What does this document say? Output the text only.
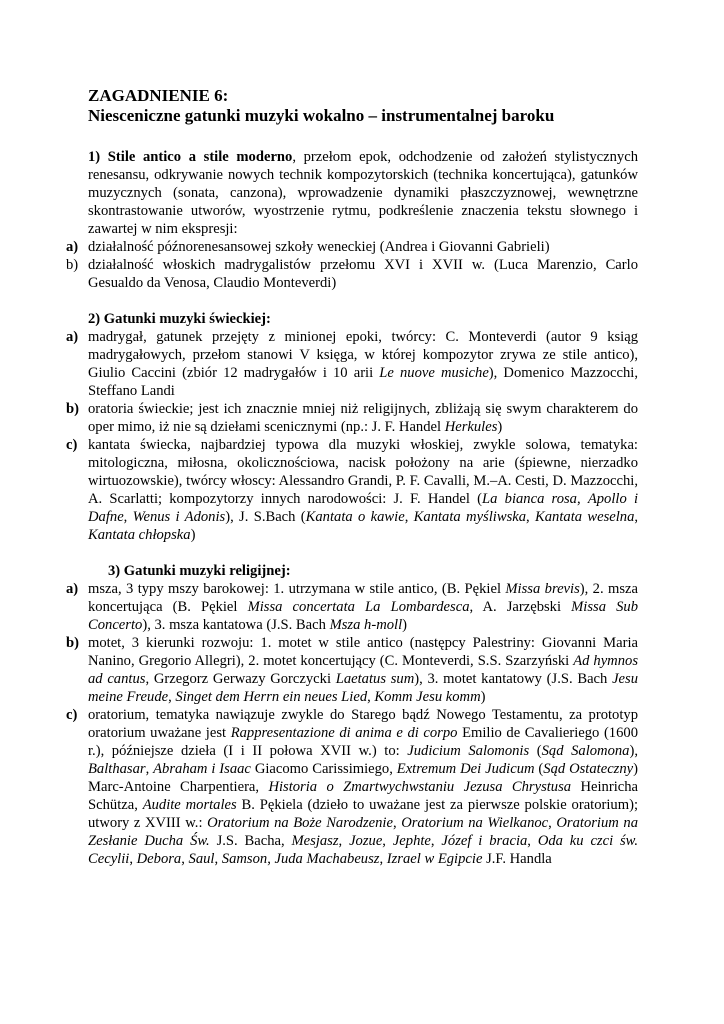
ZAGADNIENIE 6:
Niesceniczne gatunki muzyki wokalno – instrumentalnej baroku

1) Stile antico a stile moderno, przełom epok, odchodzenie od założeń stylistycznych renesansu, odkrywanie nowych technik kompozytorskich (technika koncertująca), gatunków muzycznych (sonata, canzona), wprowadzenie dynamiki płaszczyznowej, wewnętrzne skontrastowanie utworów, wyostrzenie rytmu, podkreślenie znaczenia tekstu słownego i zawartej w nim ekspresji:

a) działalność późnorenesansowej szkoły weneckiej (Andrea i Giovanni Gabrieli)
b) działalność włoskich madrygalistów przełomu XVI i XVII w. (Luca Marenzio, Carlo Gesualdo da Venosa, Claudio Monteverdi)
2) Gatunki muzyki świeckiej:
a) madrygał, gatunek przejęty z minionej epoki, twórcy: C. Monteverdi (autor 9 ksiąg madrygałowych, przełom stanowi V księga, w której kompozytor zrywa ze stile antico), Giulio Caccini (zbiór 12 madrygałów i 10 arii Le nuove musiche), Domenico Mazzocchi, Steffano Landi
b) oratoria świeckie; jest ich znacznie mniej niż religijnych, zbliżają się swym charakterem do oper mimo, iż nie są dziełami scenicznymi (np.: J. F. Handel Herkules)
c) kantata świecka, najbardziej typowa dla muzyki włoskiej, zwykle solowa, tematyka: mitologiczna, miłosna, okolicznościowa, nacisk położony na arie (śpiewne, nierzadko wirtuozowskie), twórcy włoscy: Alessandro Grandi, P. F. Cavalli, M.–A. Cesti, D. Mazzocchi, A. Scarlatti; kompozytorzy innych narodowości: J. F. Handel (La bianca rosa, Apollo i Dafne, Wenus i Adonis), J. S.Bach (Kantata o kawie, Kantata myśliwska, Kantata weselna, Kantata chłopska)
3) Gatunki muzyki religijnej:
a) msza, 3 typy mszy barokowej: 1. utrzymana w stile antico, (B. Pękiel Missa brevis), 2. msza koncertująca (B. Pękiel Missa concertata La Lombardesca, A. Jarzębski Missa Sub Concerto), 3. msza kantatowa (J.S. Bach Msza h-moll)
b) motet, 3 kierunki rozwoju: 1. motet w stile antico (następcy Palestriny: Giovanni Maria Nanino, Gregorio Allegri), 2. motet koncertujący (C. Monteverdi, S.S. Szarzyński Ad hymnos ad cantus, Grzegorz Gerwazy Gorczycki Laetatus sum), 3. motet kantatowy (J.S. Bach Jesu meine Freude, Singet dem Herrn ein neues Lied, Komm Jesu komm)
c) oratorium, tematyka nawiązuje zwykle do Starego bądź Nowego Testamentu, za prototyp oratorium uważane jest Rappresentazione di anima e di corpo Emilio de Cavalieriego (1600 r.), późniejsze dzieła (I i II połowa XVII w.) to: Judicium Salomonis (Sąd Salomona), Balthasar, Abraham i Isaac Giacomo Carissimiego, Extremum Dei Judicum (Sąd Ostateczny) Marc-Antoine Charpentiera, Historia o Zmartwychwstaniu Jezusa Chrystusa Heinricha Schütza, Audite mortales B. Pękiela (dzieło to uważane jest za pierwsze polskie oratorium); utwory z XVIII w.: Oratorium na Boże Narodzenie, Oratorium na Wielkanoc, Oratorium na Zesłanie Ducha Św. J.S. Bacha, Mesjasz, Jozue, Jephte, Józef i bracia, Oda ku czci św. Cecylii, Debora, Saul, Samson, Juda Machabeusz, Izrael w Egipcie J.F. Handla
